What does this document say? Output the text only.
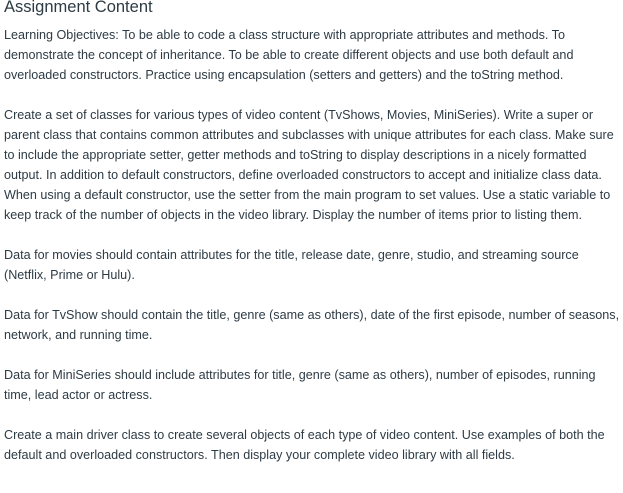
Assignment Content

Learning Objectives: To be able to code a class structure with appropriate attributes and methods. To demonstrate the concept of inheritance. To be able to create different objects and use both default and overloaded constructors. Practice using encapsulation (setters and getters) and the toString method.

Create a set of classes for various types of video content (TvShows, Movies, MiniSeries). Write a super or parent class that contains common attributes and subclasses with unique attributes for each class. Make sure to include the appropriate setter, getter methods and toString to display descriptions in a nicely formatted output. In addition to default constructors, define overloaded constructors to accept and initialize class data. When using a default constructor, use the setter from the main program to set values. Use a static variable to keep track of the number of objects in the video library. Display the number of items prior to listing them.

Data for movies should contain attributes for the title, release date, genre, studio, and streaming source (Netflix, Prime or Hulu).

Data for TvShow should contain the title, genre (same as others), date of the first episode, number of seasons, network, and running time.

Data for MiniSeries should include attributes for title, genre (same as others), number of episodes, running time, lead actor or actress.

Create a main driver class to create several objects of each type of video content. Use examples of both the default and overloaded constructors. Then display your complete video library with all fields.
